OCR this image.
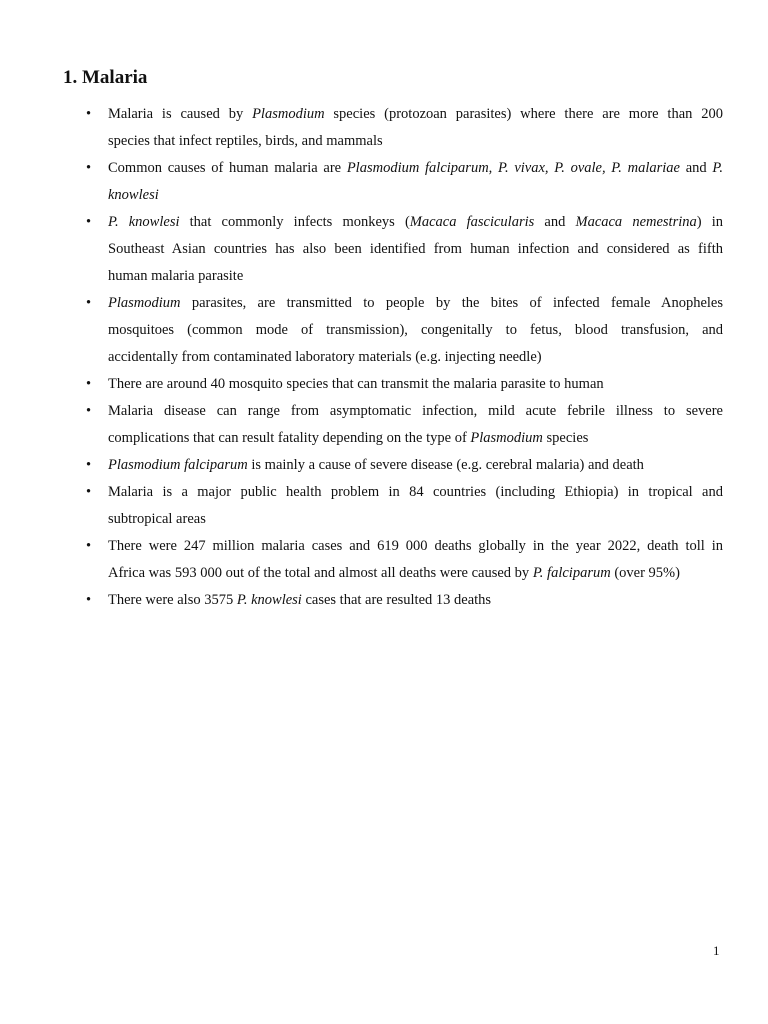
1. Malaria
•	Malaria is caused by Plasmodium species (protozoan parasites) where there are more than 200
species that infect reptiles, birds, and mammals
•	Common causes of human malaria are Plasmodium falciparum, P. vivax, P. ovale, P. malariae and P.
knowlesi
•	P. knowlesi that commonly infects monkeys (Macaca fascicularis and Macaca nemestrina) in
Southeast Asian countries has also been identified from human infection and considered as fifth
human malaria parasite
•	Plasmodium parasites, are transmitted to people by the bites of infected female Anopheles
mosquitoes (common mode of transmission), congenitally to fetus, blood transfusion, and
accidentally from contaminated laboratory materials (e.g. injecting needle)
•	There are around 40 mosquito species that can transmit the malaria parasite to human
•	Malaria disease can range from asymptomatic infection, mild acute febrile illness to severe
complications that can result fatality depending on the type of Plasmodium species
•	Plasmodium falciparum is mainly a cause of severe disease (e.g. cerebral malaria) and death
•	Malaria is a major public health problem in 84 countries (including Ethiopia) in tropical and
subtropical areas
•	There were 247 million malaria cases and 619 000 deaths globally in the year 2022, death toll in
Africa was 593 000 out of the total and almost all deaths were caused by P. falciparum (over 95%)
•	There were also 3575 P. knowlesi cases that are resulted 13 deaths
1
